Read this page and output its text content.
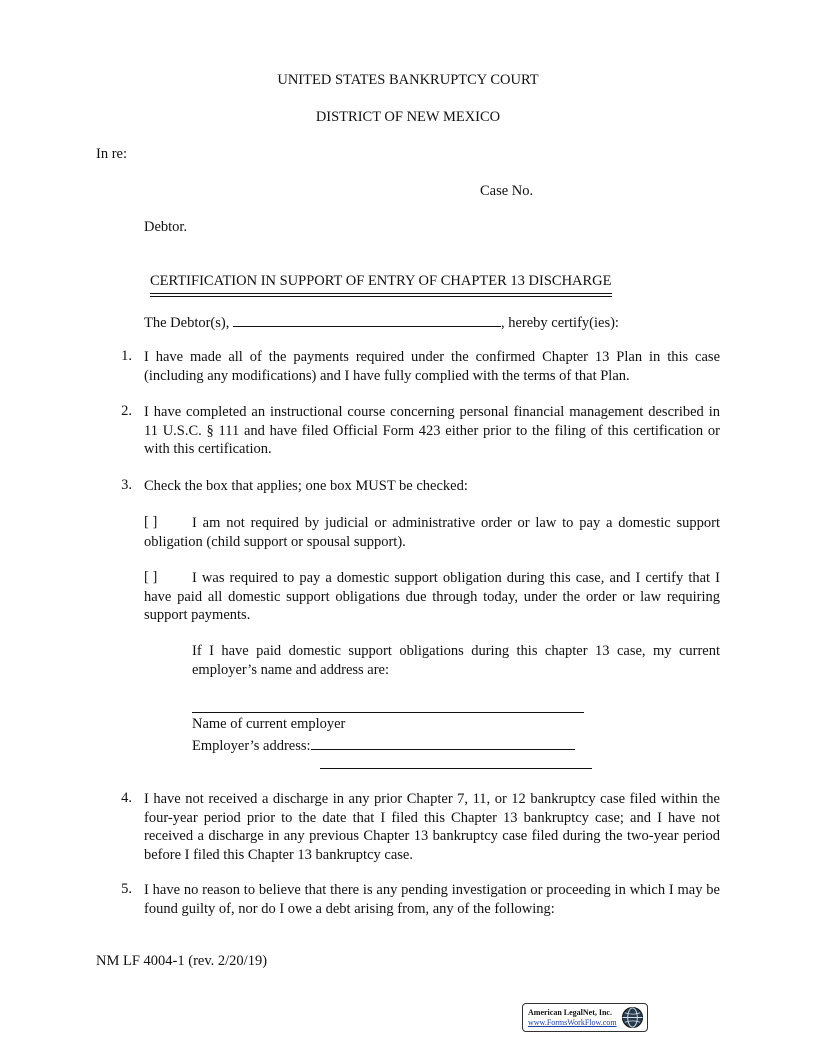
UNITED STATES BANKRUPTCY COURT
DISTRICT OF NEW MEXICO
In re:
Case No.
Debtor.
CERTIFICATION IN SUPPORT OF ENTRY OF CHAPTER 13 DISCHARGE
The Debtor(s),	, hereby certify(ies):
1. I have made all of the payments required under the confirmed Chapter 13 Plan in this case (including any modifications) and I have fully complied with the terms of that Plan.
2. I have completed an instructional course concerning personal financial management described in 11 U.S.C. § 111 and have filed Official Form 423 either prior to the filing of this certification or with this certification.
3. Check the box that applies; one box MUST be checked:
[ ]	I am not required by judicial or administrative order or law to pay a domestic support obligation (child support or spousal support).
[ ]	I was required to pay a domestic support obligation during this case, and I certify that I have paid all domestic support obligations due through today, under the order or law requiring support payments.
If I have paid domestic support obligations during this chapter 13 case, my current employer’s name and address are:
Name of current employer
Employer’s address:
4. I have not received a discharge in any prior Chapter 7, 11, or 12 bankruptcy case filed within the four-year period prior to the date that I filed this Chapter 13 bankruptcy case; and I have not received a discharge in any previous Chapter 13 bankruptcy case filed during the two-year period before I filed this Chapter 13 bankruptcy case.
5. I have no reason to believe that there is any pending investigation or proceeding in which I may be found guilty of, nor do I owe a debt arising from, any of the following:
NM LF 4004-1 (rev. 2/20/19)
American LegalNet, Inc.
www.FormsWorkFlow.com
